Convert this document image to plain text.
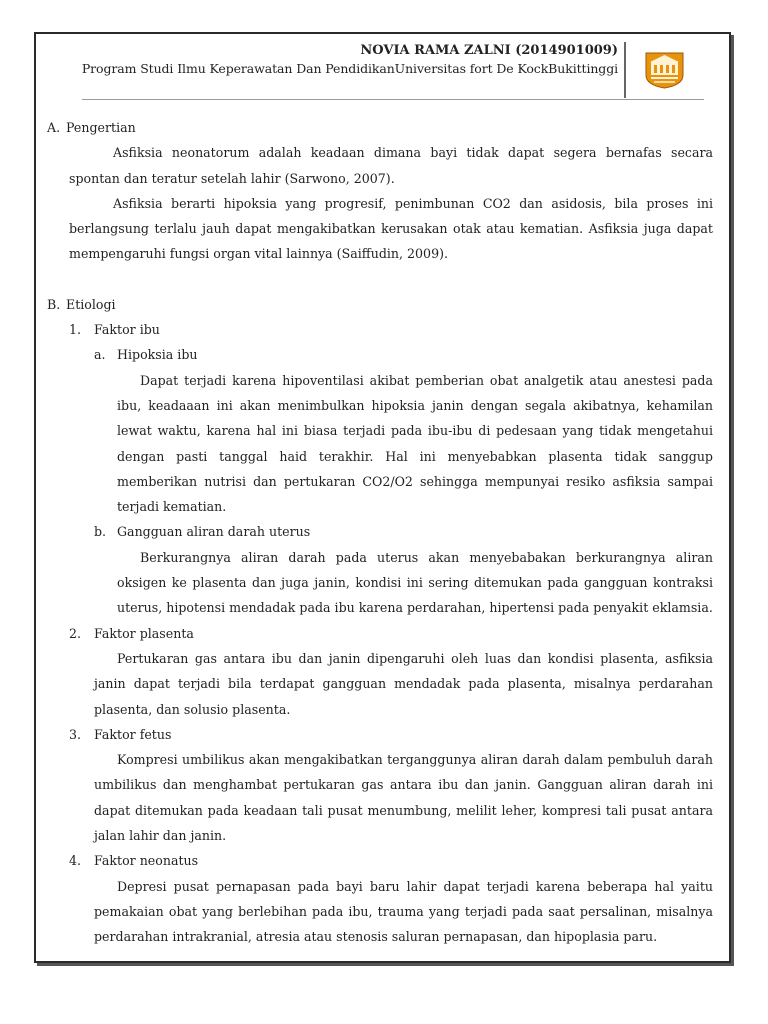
NOVIA RAMA ZALNI (2014901009)
Program Studi Ilmu Keperawatan Dan PendidikanUniversitas fort De KockBukittinggi
A. Pengertian

Asfiksia neonatorum adalah keadaan dimana bayi tidak dapat segera bernafas secara spontan dan teratur setelah lahir (Sarwono, 2007).

Asfiksia berarti hipoksia yang progresif, penimbunan CO2 dan asidosis, bila proses ini berlangsung terlalu jauh dapat mengakibatkan kerusakan otak atau kematian. Asfiksia juga dapat mempengaruhi fungsi organ vital lainnya (Saiffudin, 2009).

B. Etiologi
1.	Faktor ibu
a. Hipoksia ibu

Dapat terjadi karena hipoventilasi akibat pemberian obat analgetik atau anestesi pada ibu, keadaaan ini akan menimbulkan hipoksia janin dengan segala akibatnya, kehamilan lewat waktu, karena hal ini biasa terjadi pada ibu-ibu di pedesaan yang tidak mengetahui dengan pasti tanggal haid terakhir. Hal ini menyebabkan plasenta tidak sanggup memberikan nutrisi dan pertukaran CO2/O2 sehingga mempunyai resiko asfiksia sampai terjadi kematian.

b. Gangguan aliran darah uterus

Berkurangnya aliran darah pada uterus akan menyebabakan berkurangnya aliran oksigen ke plasenta dan juga janin, kondisi ini sering ditemukan pada gangguan kontraksi uterus, hipotensi mendadak pada ibu karena perdarahan, hipertensi pada penyakit eklamsia.

2.	Faktor plasenta

Pertukaran gas antara ibu dan janin dipengaruhi oleh luas dan kondisi plasenta, asfiksia janin dapat terjadi bila terdapat gangguan mendadak pada plasenta, misalnya perdarahan plasenta, dan solusio plasenta.

3.	Faktor fetus

Kompresi umbilikus akan mengakibatkan terganggunya aliran darah dalam pembuluh darah umbilikus dan menghambat pertukaran gas antara ibu dan janin. Gangguan aliran darah ini dapat ditemukan pada keadaan tali pusat menumbung, melilit leher, kompresi tali pusat antara jalan lahir dan janin.

4.	Faktor neonatus

Depresi pusat pernapasan pada bayi baru lahir dapat terjadi karena beberapa hal yaitu pemakaian obat yang berlebihan pada ibu, trauma yang terjadi pada saat persalinan, misalnya perdarahan intrakranial, atresia atau stenosis saluran pernapasan, dan hipoplasia paru.
